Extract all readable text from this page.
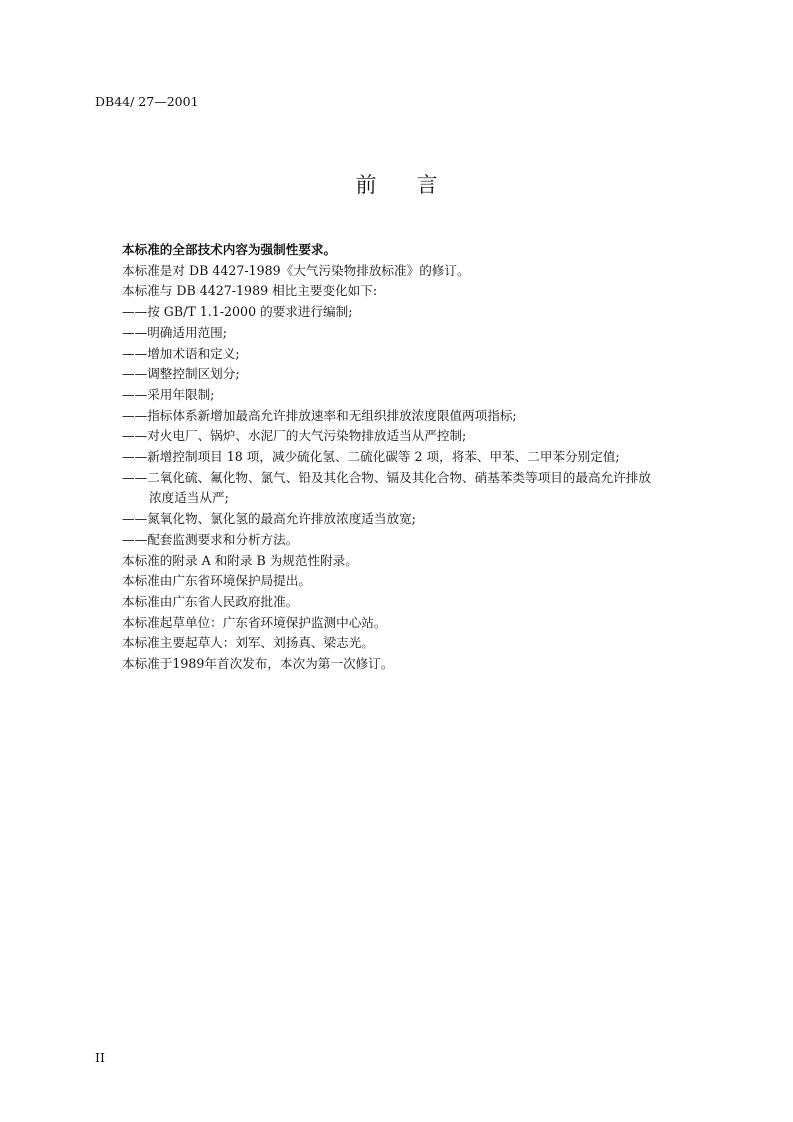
DB44/ 27—2001
前 言
本标准的全部技术内容为强制性要求。
本标准是对 DB 4427-1989《大气污染物排放标准》的修订。
本标准与 DB 4427-1989 相比主要变化如下:
——按 GB/T 1.1-2000 的要求进行编制;
——明确适用范围;
——增加术语和定义;
——调整控制区划分;
——采用年限制;
——指标体系新增加最高允许排放速率和无组织排放浓度限值两项指标;
——对火电厂、锅炉、水泥厂的大气污染物排放适当从严控制;
——新增控制项目 18 项，减少硫化氢、二硫化碳等 2 项，将苯、甲苯、二甲苯分别定值;
——二氧化硫、氟化物、氯气、铅及其化合物、镉及其化合物、硝基苯类等项目的最高允许排放
浓度适当从严;
——氮氧化物、氯化氢的最高允许排放浓度适当放宽;
——配套监测要求和分析方法。
本标准的附录 A 和附录 B 为规范性附录。
本标准由广东省环境保护局提出。
本标准由广东省人民政府批准。
本标准起草单位：广东省环境保护监测中心站。
本标准主要起草人：刘军、刘扬真、梁志光。
本标准于1989年首次发布，本次为第一次修订。
II
